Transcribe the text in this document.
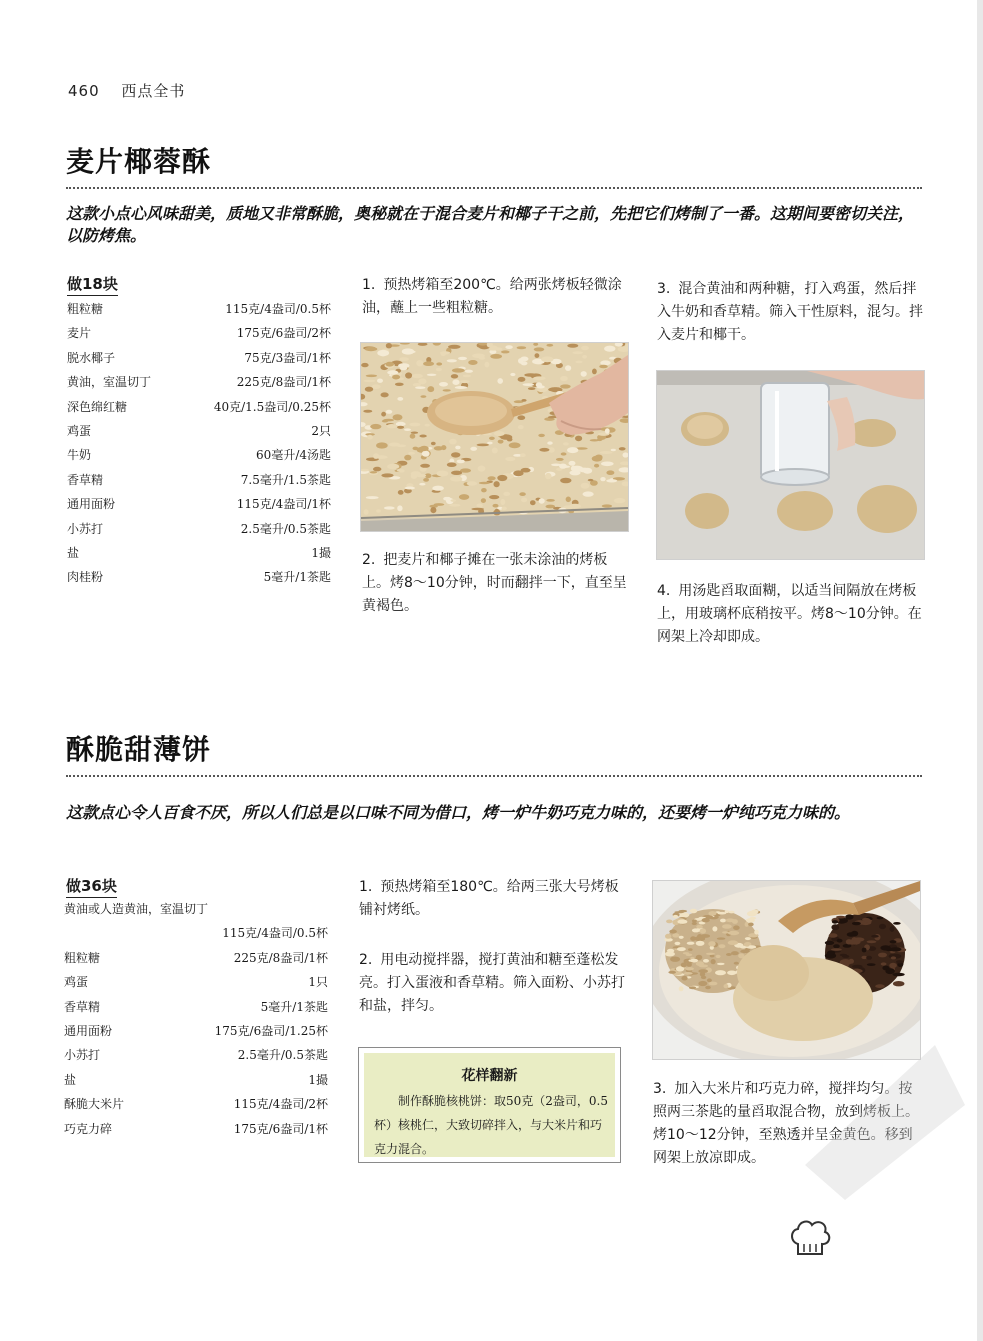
460 西点全书
麦片椰蓉酥
这款小点心风味甜美，质地又非常酥脆，奥秘就在于混合麦片和椰子干之前，先把它们烤制了一番。这期间要密切关注，以防烤焦。
做18块
粗粒糖	115克/4盎司/0.5杯
麦片	175克/6盎司/2杯
脱水椰子	75克/3盎司/1杯
黄油，室温切丁	225克/8盎司/1杯
深色绵红糖	40克/1.5盎司/0.25杯
鸡蛋	2只
牛奶	60毫升/4汤匙
香草精	7.5毫升/1.5茶匙
通用面粉	115克/4盎司/1杯
小苏打	2.5毫升/0.5茶匙
盐	1撮
肉桂粉	5毫升/1茶匙
1. 预热烤箱至200℃。给两张烤板轻微涂油，蘸上一些粗粒糖。
2. 把麦片和椰子摊在一张未涂油的烤板上。烤8～10分钟，时而翻拌一下，直至呈黄褐色。
3. 混合黄油和两种糖，打入鸡蛋，然后拌入牛奶和香草精。筛入干性原料，混匀。拌入麦片和椰干。
4. 用汤匙舀取面糊，以适当间隔放在烤板上，用玻璃杯底稍按平。烤8～10分钟。在网架上冷却即成。
酥脆甜薄饼
这款点心令人百食不厌，所以人们总是以口味不同为借口，烤一炉牛奶巧克力味的，还要烤一炉纯巧克力味的。
做36块
黄油或人造黄油，室温切丁
115克/4盎司/0.5杯
粗粒糖	225克/8盎司/1杯
鸡蛋	1只
香草精	5毫升/1茶匙
通用面粉	175克/6盎司/1.25杯
小苏打	2.5毫升/0.5茶匙
盐	1撮
酥脆大米片	115克/4盎司/2杯
巧克力碎	175克/6盎司/1杯
1. 预热烤箱至180℃。给两三张大号烤板铺衬烤纸。
2. 用电动搅拌器，搅打黄油和糖至蓬松发亮。打入蛋液和香草精。筛入面粉、小苏打和盐，拌匀。
花样翻新
制作酥脆核桃饼：取50克（2盎司，0.5杯）核桃仁，大致切碎拌入，与大米片和巧克力混合。
3. 加入大米片和巧克力碎，搅拌均匀。按照两三茶匙的量舀取混合物，放到烤板上。烤10～12分钟，至熟透并呈金黄色。移到网架上放凉即成。
